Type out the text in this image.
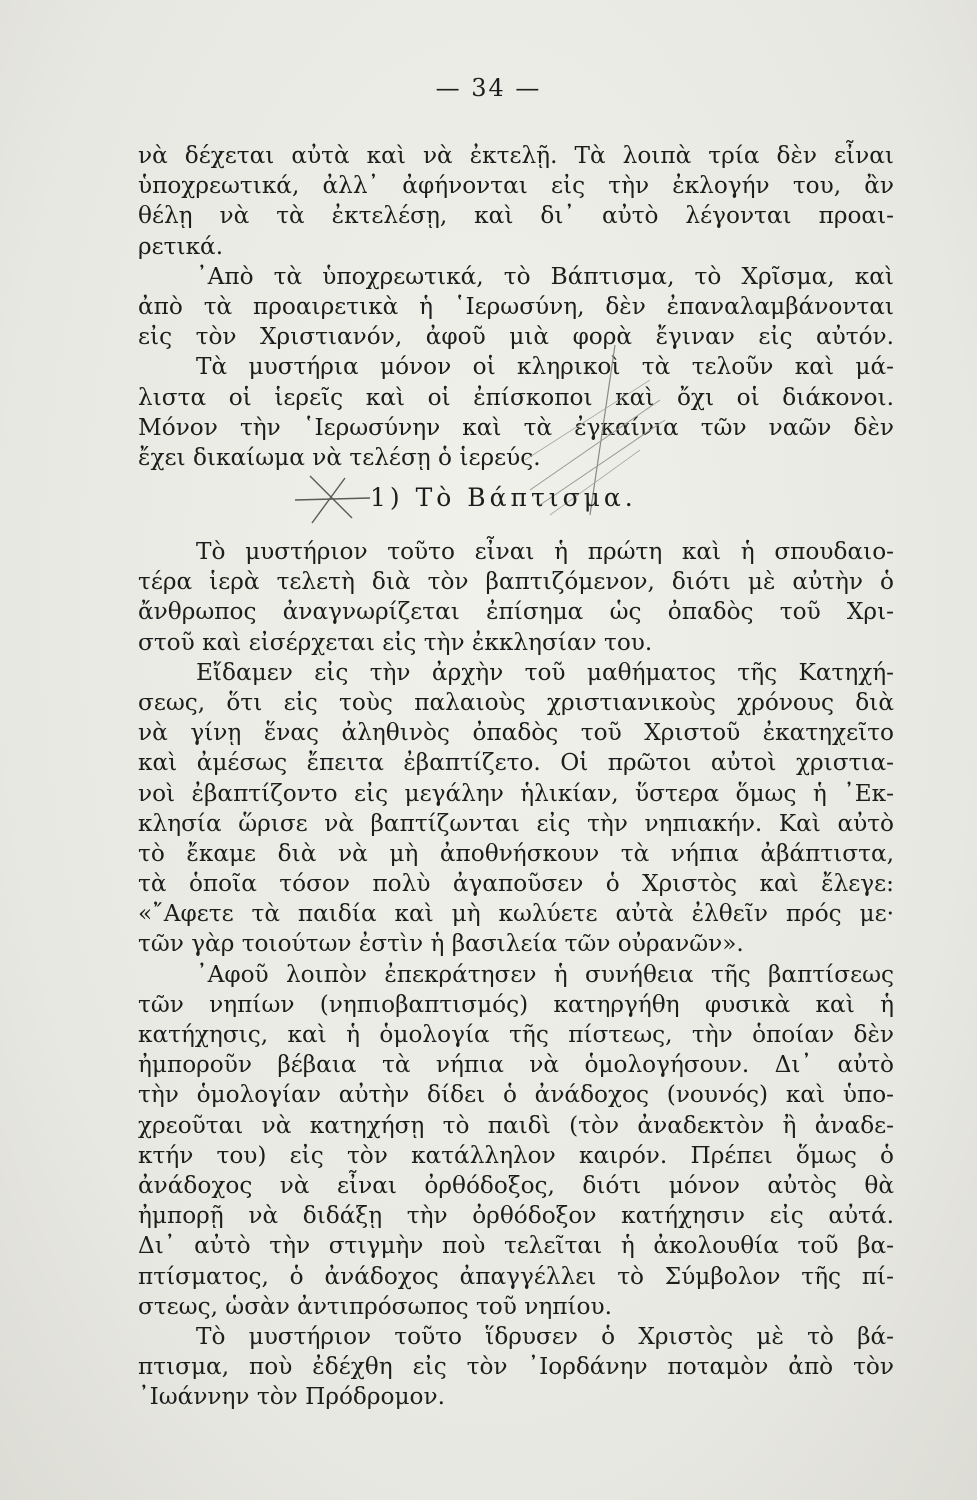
— 34 —
νὰ δέχεται αὐτὰ καὶ νὰ ἐκτελῇ. Τὰ λοιπὰ τρία δὲν εἶναι
ὑποχρεωτικά, ἀλλ᾽ ἀφήνονται εἰς τὴν ἐκλογήν του, ἂν
θέλῃ νὰ τὰ ἐκτελέσῃ, καὶ δι᾽ αὐτὸ λέγονται προαι-
ρετικά.
᾽Απὸ τὰ ὑποχρεωτικά, τὸ Βάπτισμα, τὸ Χρῖσμα, καὶ
ἀπὸ τὰ προαιρετικὰ ἡ ῾Ιερωσύνη, δὲν ἐπαναλαμβάνονται
εἰς τὸν Χριστιανόν, ἀφοῦ μιὰ φορὰ ἔγιναν εἰς αὐτόν.
Τὰ μυστήρια μόνον οἱ κληρικοὶ τὰ τελοῦν καὶ μά-
λιστα οἱ ἱερεῖς καὶ οἱ ἐπίσκοποι καὶ ὄχι οἱ διάκονοι.
Μόνον τὴν ῾Ιερωσύνην καὶ τὰ ἐγκαίνια τῶν ναῶν δὲν
ἔχει δικαίωμα νὰ τελέσῃ ὁ ἱερεύς.
1) Τὸ Βάπτισμα.
Τὸ μυστήριον τοῦτο εἶναι ἡ πρώτη καὶ ἡ σπουδαιο-
τέρα ἱερὰ τελετὴ διὰ τὸν βαπτιζόμενον, διότι μὲ αὐτὴν ὁ
ἄνθρωπος ἀναγνωρίζεται ἐπίσημα ὡς ὀπαδὸς τοῦ Χρι-
στοῦ καὶ εἰσέρχεται εἰς τὴν ἐκκλησίαν του.
Εἴδαμεν εἰς τὴν ἀρχὴν τοῦ μαθήματος τῆς Κατηχή-
σεως, ὅτι εἰς τοὺς παλαιοὺς χριστιανικοὺς χρόνους διὰ
νὰ γίνῃ ἕνας ἀληθινὸς ὀπαδὸς τοῦ Χριστοῦ ἐκατηχεῖτο
καὶ ἀμέσως ἔπειτα ἐβαπτίζετο. Οἱ πρῶτοι αὐτοὶ χριστια-
νοὶ ἐβαπτίζοντο εἰς μεγάλην ἡλικίαν, ὕστερα ὅμως ἡ ᾽Εκ-
κλησία ὥρισε νὰ βαπτίζωνται εἰς τὴν νηπιακήν. Καὶ αὐτὸ
τὸ ἔκαμε διὰ νὰ μὴ ἀποθνήσκουν τὰ νήπια ἀβάπτιστα,
τὰ ὁποῖα τόσον πολὺ ἀγαποῦσεν ὁ Χριστὸς καὶ ἔλεγε:
«῎Αφετε τὰ παιδία καὶ μὴ κωλύετε αὐτὰ ἐλθεῖν πρός με·
τῶν γὰρ τοιούτων ἐστὶν ἡ βασιλεία τῶν οὐρανῶν».
᾽Αφοῦ λοιπὸν ἐπεκράτησεν ἡ συνήθεια τῆς βαπτίσεως
τῶν νηπίων (νηπιοβαπτισμός) κατηργήθη φυσικὰ καὶ ἡ
κατήχησις, καὶ ἡ ὁμολογία τῆς πίστεως, τὴν ὁποίαν δὲν
ἠμποροῦν βέβαια τὰ νήπια νὰ ὁμολογήσουν. Δι᾽ αὐτὸ
τὴν ὁμολογίαν αὐτὴν δίδει ὁ ἀνάδοχος (νουνός) καὶ ὑπο-
χρεοῦται νὰ κατηχήσῃ τὸ παιδὶ (τὸν ἀναδεκτὸν ἢ ἀναδε-
κτήν του) εἰς τὸν κατάλληλον καιρόν. Πρέπει ὅμως ὁ
ἀνάδοχος νὰ εἶναι ὀρθόδοξος, διότι μόνον αὐτὸς θὰ
ἠμπορῇ νὰ διδάξῃ τὴν ὀρθόδοξον κατήχησιν εἰς αὐτά.
Δι᾽ αὐτὸ τὴν στιγμὴν ποὺ τελεῖται ἡ ἀκολουθία τοῦ βα-
πτίσματος, ὁ ἀνάδοχος ἀπαγγέλλει τὸ Σύμβολον τῆς πί-
στεως, ὡσὰν ἀντιπρόσωπος τοῦ νηπίου.
Τὸ μυστήριον τοῦτο ἵδρυσεν ὁ Χριστὸς μὲ τὸ βά-
πτισμα, ποὺ ἐδέχθη εἰς τὸν ᾽Ιορδάνην ποταμὸν ἀπὸ τὸν
᾽Ιωάννην τὸν Πρόδρομον.
